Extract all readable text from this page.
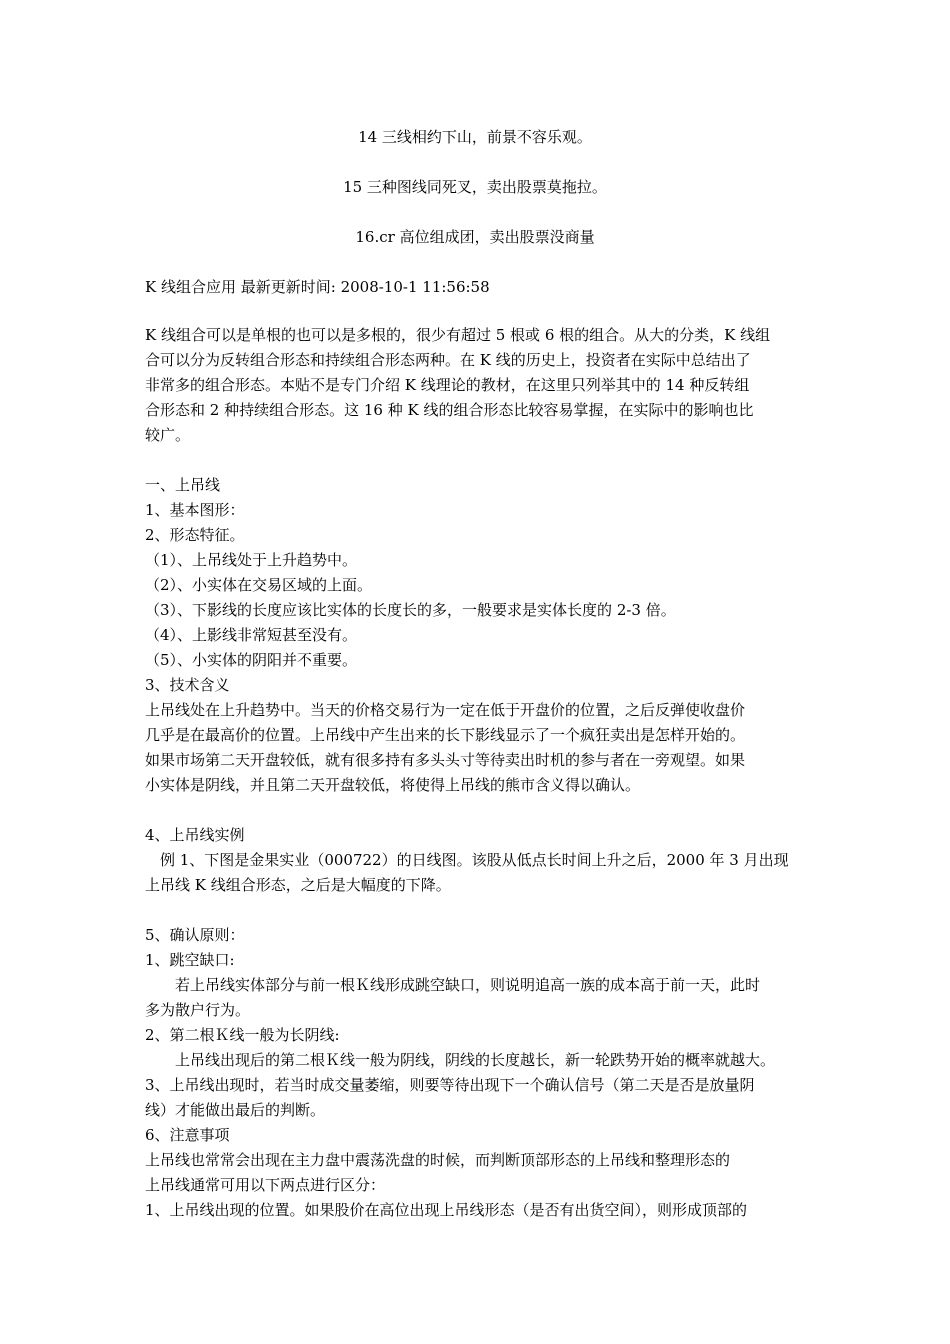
14 三线相约下山，前景不容乐观。
15 三种图线同死叉，卖出股票莫拖拉。
16.cr 高位组成团，卖出股票没商量
K 线组合应用 最新更新时间: 2008-10-1 11:56:58
K 线组合可以是单根的也可以是多根的，很少有超过 5 根或 6 根的组合。从大的分类，K 线组
合可以分为反转组合形态和持续组合形态两种。在 K 线的历史上，投资者在实际中总结出了
非常多的组合形态。本贴不是专门介绍 K 线理论的教材，在这里只列举其中的 14 种反转组
合形态和 2 种持续组合形态。这 16 种 K 线的组合形态比较容易掌握，在实际中的影响也比
较广。
一、上吊线
1、基本图形：
2、形态特征。
（1）、上吊线处于上升趋势中。
（2）、小实体在交易区域的上面。
（3）、下影线的长度应该比实体的长度长的多，一般要求是实体长度的 2-3 倍。
（4）、上影线非常短甚至没有。
（5）、小实体的阴阳并不重要。
3、技术含义
上吊线处在上升趋势中。当天的价格交易行为一定在低于开盘价的位置，之后反弹使收盘价
几乎是在最高价的位置。上吊线中产生出来的长下影线显示了一个疯狂卖出是怎样开始的。
如果市场第二天开盘较低，就有很多持有多头头寸等待卖出时机的参与者在一旁观望。如果
小实体是阴线，并且第二天开盘较低，将使得上吊线的熊市含义得以确认。
4、上吊线实例
　例 1、下图是金果实业（000722）的日线图。该股从低点长时间上升之后，2000 年 3 月出现
上吊线 K 线组合形态，之后是大幅度的下降。
5、确认原则：
1、跳空缺口:
　　若上吊线实体部分与前一根Ｋ线形成跳空缺口，则说明追高一族的成本高于前一天，此时
多为散户行为。
2、第二根Ｋ线一般为长阴线:
　　上吊线出现后的第二根Ｋ线一般为阴线，阴线的长度越长，新一轮跌势开始的概率就越大。
3、上吊线出现时，若当时成交量萎缩，则要等待出现下一个确认信号（第二天是否是放量阴
线）才能做出最后的判断。
6、注意事项
上吊线也常常会出现在主力盘中震荡洗盘的时候，而判断顶部形态的上吊线和整理形态的
上吊线通常可用以下两点进行区分：
1、上吊线出现的位置。如果股价在高位出现上吊线形态（是否有出货空间），则形成顶部的
